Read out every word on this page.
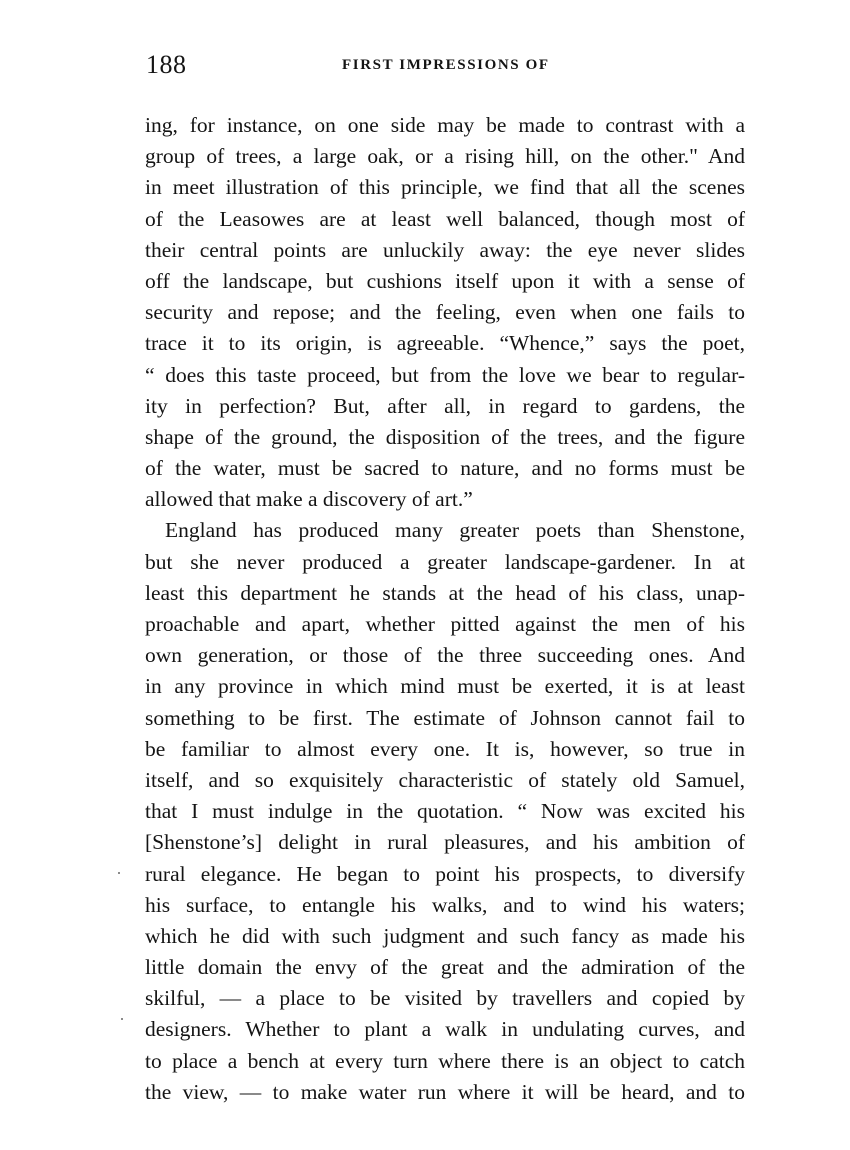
188	FIRST IMPRESSIONS OF
ing, for instance, on one side may be made to contrast with a
group of trees, a large oak, or a rising hill, on the other." And
in meet illustration of this principle, we find that all the scenes
of the Leasowes are at least well balanced, though most of
their central points are unluckily away: the eye never slides
off the landscape, but cushions itself upon it with a sense of
security and repose; and the feeling, even when one fails to
trace it to its origin, is agreeable. “Whence,” says the poet,
“ does this taste proceed, but from the love we bear to regular-
ity in perfection? But, after all, in regard to gardens, the
shape of the ground, the disposition of the trees, and the figure
of the water, must be sacred to nature, and no forms must be
allowed that make a discovery of art.”
England has produced many greater poets than Shenstone,
but she never produced a greater landscape-gardener. In at
least this department he stands at the head of his class, unap-
proachable and apart, whether pitted against the men of his
own generation, or those of the three succeeding ones. And
in any province in which mind must be exerted, it is at least
something to be first. The estimate of Johnson cannot fail to
be familiar to almost every one. It is, however, so true in
itself, and so exquisitely characteristic of stately old Samuel,
that I must indulge in the quotation. “ Now was excited his
[Shenstone’s] delight in rural pleasures, and his ambition of
rural elegance. He began to point his prospects, to diversify
his surface, to entangle his walks, and to wind his waters;
which he did with such judgment and such fancy as made his
little domain the envy of the great and the admiration of the
skilful, — a place to be visited by travellers and copied by
designers. Whether to plant a walk in undulating curves, and
to place a bench at every turn where there is an object to catch
the view, — to make water run where it will be heard, and to
